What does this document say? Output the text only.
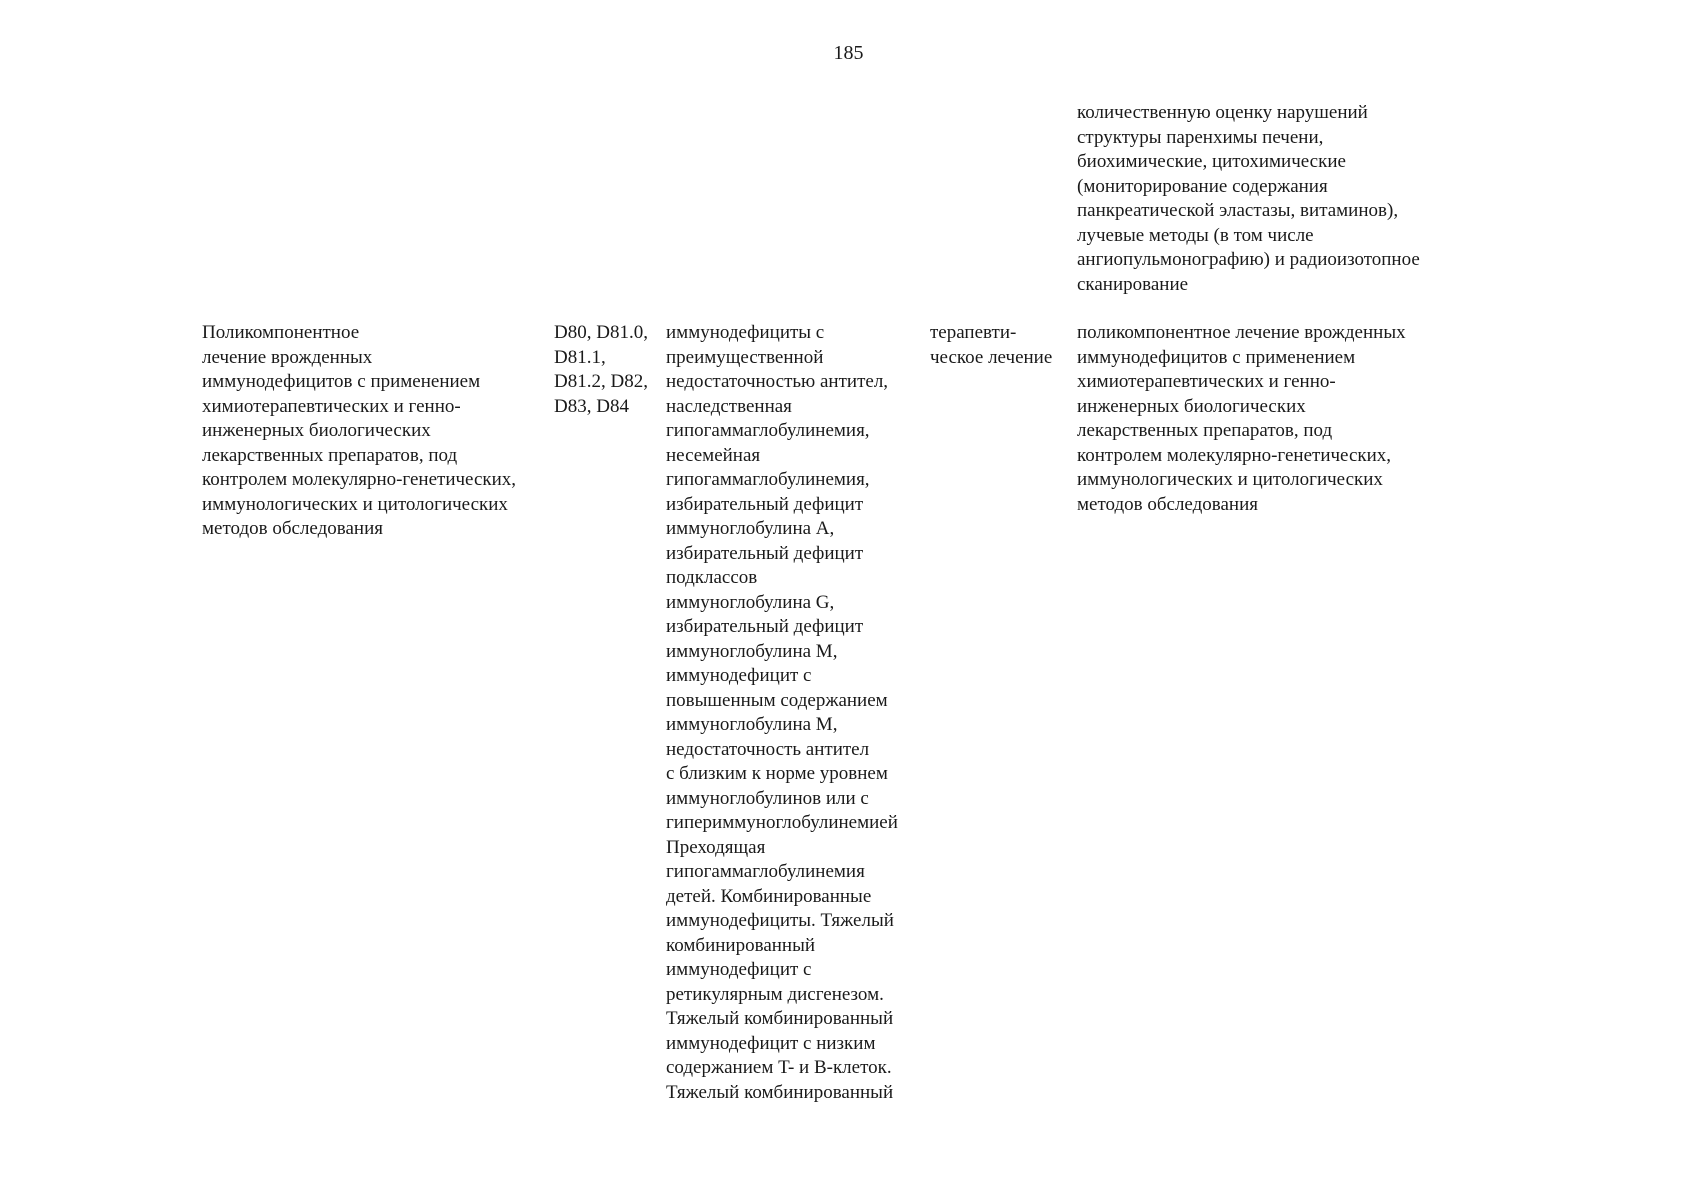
185
количественную оценку нарушений
структуры паренхимы печени,
биохимические, цитохимические
(мониторирование содержания
панкреатической эластазы, витаминов),
лучевые методы (в том числе
ангиопульмонографию) и радиоизотопное
сканирование
Поликомпонентное
лечение врожденных
иммунодефицитов с применением
химиотерапевтических и генно-
инженерных биологических
лекарственных препаратов, под
контролем молекулярно-генетических,
иммунологических и цитологических
методов обследования
D80, D81.0,
D81.1,
D81.2, D82,
D83, D84
иммунодефициты с
преимущественной
недостаточностью антител,
наследственная
гипогаммаглобулинемия,
несемейная
гипогаммаглобулинемия,
избирательный дефицит
иммуноглобулина A,
избирательный дефицит
подклассов
иммуноглобулина G,
избирательный дефицит
иммуноглобулина M,
иммунодефицит с
повышенным содержанием
иммуноглобулина M,
недостаточность антител
с близким к норме уровнем
иммуноглобулинов или с
гипериммуноглобулинемией
Преходящая
гипогаммаглобулинемия
детей. Комбинированные
иммунодефициты. Тяжелый
комбинированный
иммунодефицит с
ретикулярным дисгенезом.
Тяжелый комбинированный
иммунодефицит с низким
содержанием T- и B-клеток.
Тяжелый комбинированный
терапевти-
ческое лечение
поликомпонентное лечение врожденных
иммунодефицитов с применением
химиотерапевтических и генно-
инженерных биологических
лекарственных препаратов, под
контролем молекулярно-генетических,
иммунологических и цитологических
методов обследования
